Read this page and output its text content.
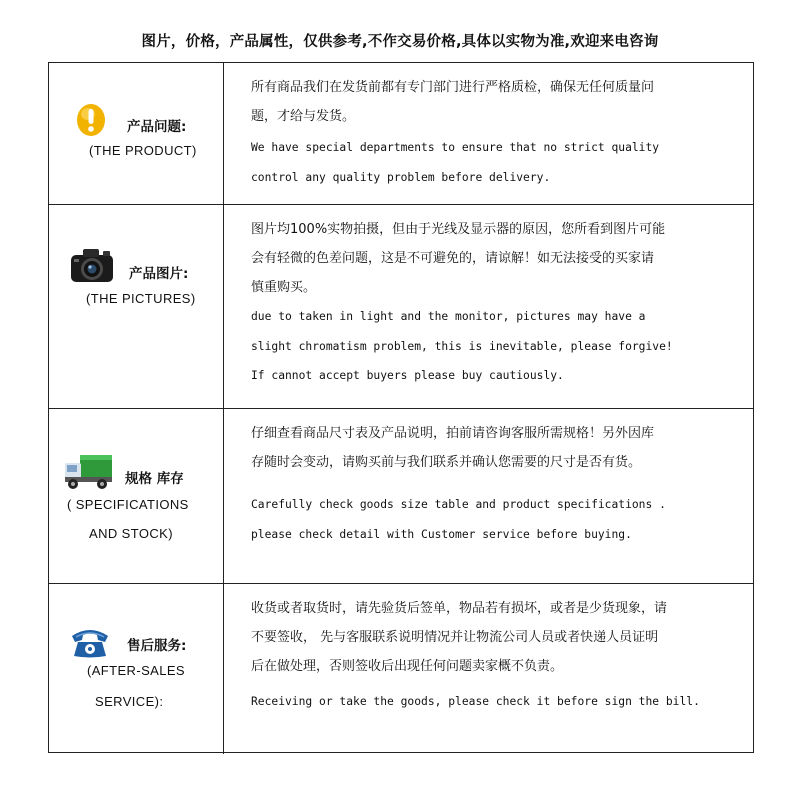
图片，价格，产品属性，仅供参考,不作交易价格,具体以实物为准,欢迎来电咨询
产品问题:
(THE PRODUCT)

所有商品我们在发货前都有专门部门进行严格质检，确保无任何质量问

题，才给与发货。

We have special departments to ensure that no strict quality

control any quality problem before delivery.

产品图片:
(THE PICTURES)

图片均100%实物拍摄，但由于光线及显示器的原因，您所看到图片可能

会有轻微的色差问题，这是不可避免的，请谅解！如无法接受的买家请

慎重购买。

due to taken in light and the monitor, pictures may have a

slight chromatism problem, this is inevitable, please forgive!

If cannot accept buyers please buy cautiously.

规格 库存
( SPECIFICATIONS
AND STOCK)

仔细查看商品尺寸表及产品说明，拍前请咨询客服所需规格！另外因库

存随时会变动，请购买前与我们联系并确认您需要的尺寸是否有货。

Carefully check goods size table and product specifications .

please check detail with Customer service before buying.

售后服务:
(AFTER-SALES
SERVICE):

收货或者取货时，请先验货后签单，物品若有损坏，或者是少货现象，请

不要签收， 先与客服联系说明情况并让物流公司人员或者快递人员证明

后在做处理，否则签收后出现任何问题卖家概不负责。

Receiving or take the goods, please check it before sign the bill.
